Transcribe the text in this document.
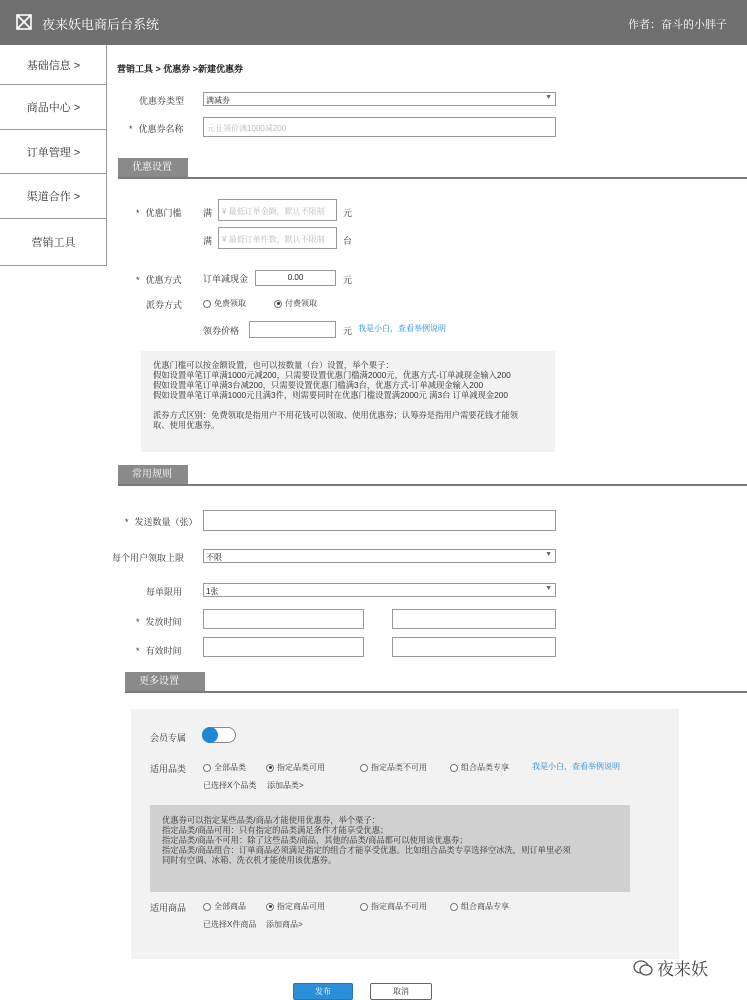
夜来妖电商后台系统	作者：奋斗的小胖子
基础信息 >
商品中心 >
订单管理 >
渠道合作 >
营销工具
营销工具 > 优惠券 >新建优惠券
优惠券类型	满减券	▼
* 优惠券名称	元且领价满1000减200
优惠设置
* 优惠门槛 满 ¥ 最低订单金额，默认不限制 元
满 ¥ 最低订单件数，默认不限制 台
* 优惠方式 订单减现金	0.00	元
派券方式	免费领取	付费领取
领券价格	元 我是小白，查看举例说明
优惠门槛可以按金额设置，也可以按数量（台）设置，举个栗子：
假如设置单笔订单满1000元减200，只需要设置优惠门槛满2000元，优惠方式-订单减现金输入200
假如设置单笔订单满3台减200，只需要设置优惠门槛满3台，优惠方式-订单减现金输入200
假如设置单笔订单满1000元且满3件，则需要同时在优惠门槛设置满2000元 满3台 订单减现金200
派券方式区别：免费领取是指用户不用花钱可以领取、使用优惠券；认筹券是指用户需要花钱才能领
取、使用优惠券。
常用规则
* 发送数量（张）
每个用户领取上限	不限	▼
每单限用	1张	▼
* 发放时间
* 有效时间
更多设置
会员专属
适用品类	全部品类	指定品类可用	指定品类不可用	组合品类专享	我是小白，查看举例说明
已选择X个品类 添加品类>
优惠券可以指定某些品类/商品才能使用优惠券，举个栗子：
指定品类/商品可用：只有指定的品类满足条件才能享受优惠；
指定品类/商品不可用：除了这些品类/商品，其他的品类/商品都可以使用该优惠券；
指定品类/商品组合：订单商品必须满足指定的组合才能享受优惠。比如组合品类专享选择空冰洗，则订单里必须
同时有空调、冰箱、洗衣机才能使用该优惠券。
适用商品	全部商品	指定商品可用	指定商品不可用	组合商品专享
已选择X件商品 添加商品>
发布	取消
夜来妖
